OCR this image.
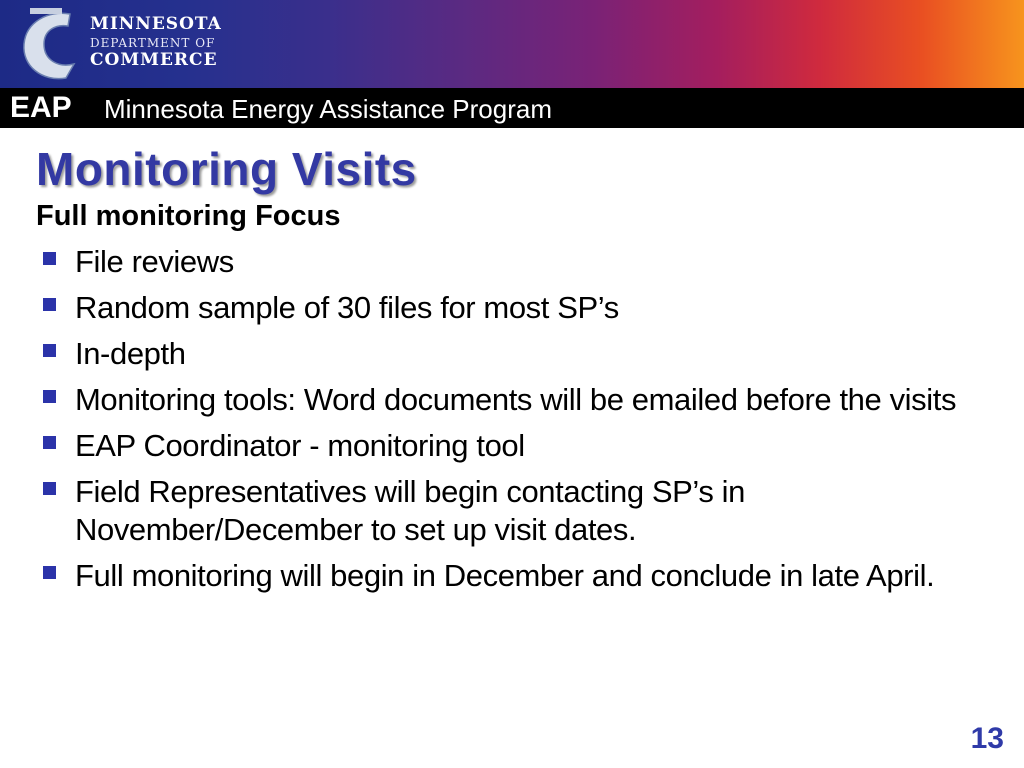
MINNESOTA
DEPARTMENT OF
COMMERCE
EAP Minnesota Energy Assistance Program
Monitoring Visits
Full monitoring Focus
File reviews
Random sample of 30 files for most SP’s
In-depth
Monitoring tools: Word documents will be emailed before the visits
EAP Coordinator - monitoring tool
Field Representatives will begin contacting SP’s in November/December to set up visit dates.
Full monitoring will begin in December and conclude in late April.
13
